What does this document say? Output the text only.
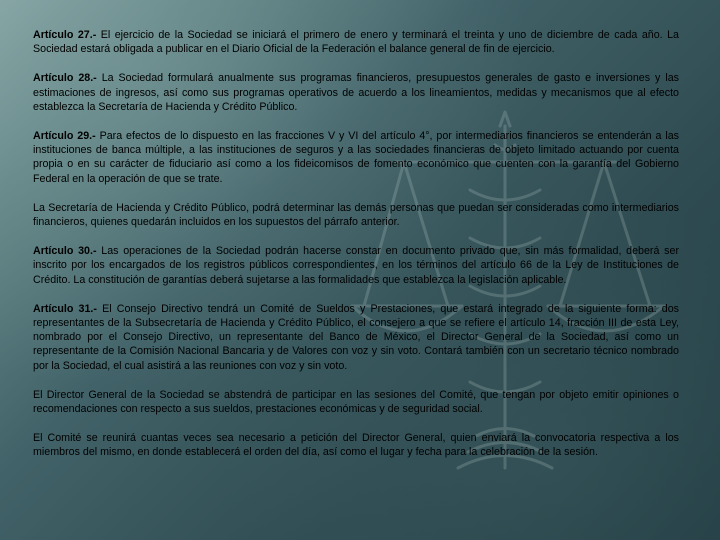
Artículo 27.- El ejercicio de la Sociedad se iniciará el primero de enero y terminará el treinta y uno de diciembre de cada año. La Sociedad estará obligada a publicar en el Diario Oficial de la Federación el balance general de fin de ejercicio.

Artículo 28.- La Sociedad formulará anualmente sus programas financieros, presupuestos generales de gasto e inversiones y las estimaciones de ingresos, así como sus programas operativos de acuerdo a los lineamientos, medidas y mecanismos que al efecto establezca la Secretaría de Hacienda y Crédito Público.

Artículo 29.- Para efectos de lo dispuesto en las fracciones V y VI del artículo 4°, por intermediarios financieros se entenderán a las instituciones de banca múltiple, a las instituciones de seguros y a las sociedades financieras de objeto limitado actuando por cuenta propia o en su carácter de fiduciario así como a los fideicomisos de fomento económico que cuenten con la garantía del Gobierno Federal en la operación de que se trate.

La Secretaría de Hacienda y Crédito Público, podrá determinar las demás personas que puedan ser consideradas como intermediarios financieros, quienes quedarán incluidos en los supuestos del párrafo anterior.

Artículo 30.- Las operaciones de la Sociedad podrán hacerse constar en documento privado que, sin más formalidad, deberá ser inscrito por los encargados de los registros públicos correspondientes, en los términos del artículo 66 de la Ley de Instituciones de Crédito. La constitución de garantías deberá sujetarse a las formalidades que establezca la legislación aplicable.

Artículo 31.- El Consejo Directivo tendrá un Comité de Sueldos y Prestaciones, que estará integrado de la siguiente forma: dos representantes de la Subsecretaría de Hacienda y Crédito Público, el consejero a que se refiere el artículo 14, fracción III de esta Ley, nombrado por el Consejo Directivo, un representante del Banco de México, el Director General de la Sociedad, así como un representante de la Comisión Nacional Bancaria y de Valores con voz y sin voto. Contará también con un secretario técnico nombrado por la Sociedad, el cual asistirá a las reuniones con voz y sin voto.

El Director General de la Sociedad se abstendrá de participar en las sesiones del Comité, que tengan por objeto emitir opiniones o recomendaciones con respecto a sus sueldos, prestaciones económicas y de seguridad social.

El Comité se reunirá cuantas veces sea necesario a petición del Director General, quien enviará la convocatoria respectiva a los miembros del mismo, en donde establecerá el orden del día, así como el lugar y fecha para la celebración de la sesión.
